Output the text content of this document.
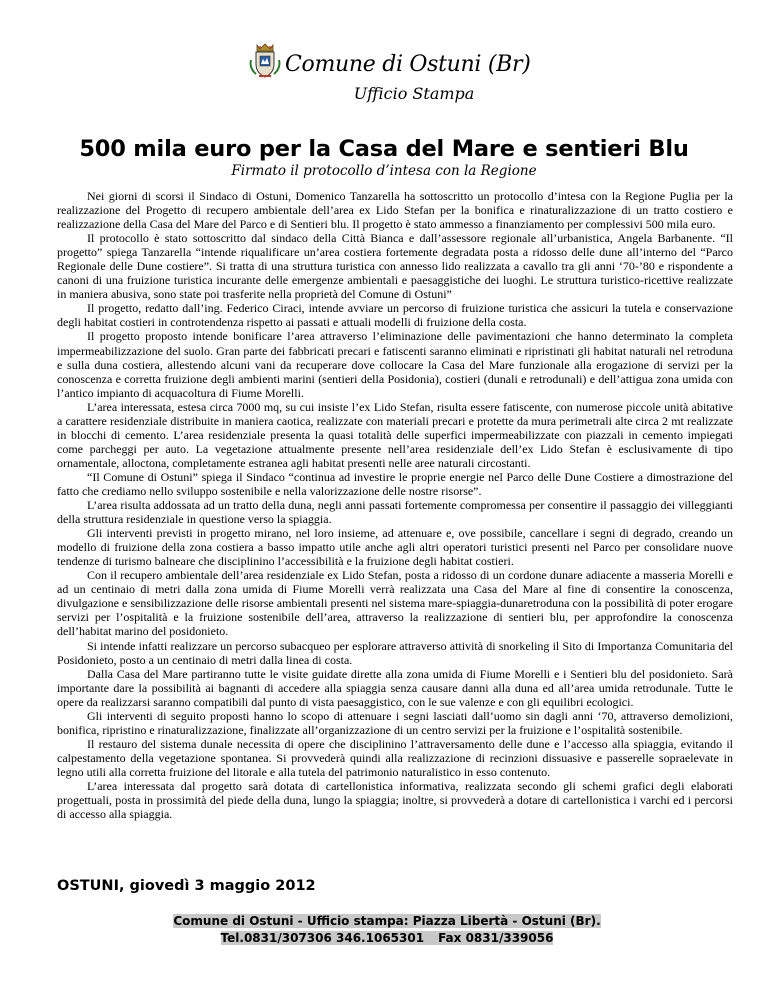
Comune di Ostuni (Br)
Ufficio Stampa
500 mila euro per la Casa del Mare e sentieri Blu
Firmato il protocollo d’intesa con la Regione

Nei giorni di scorsi il Sindaco di Ostuni, Domenico Tanzarella ha sottoscritto un protocollo d’intesa con la Regione Puglia per la realizzazione del Progetto di recupero ambientale dell’area ex Lido Stefan per la bonifica e rinaturalizzazione di un tratto costiero e realizzazione della Casa del Mare del Parco e di Sentieri blu. Il progetto è stato ammesso a finanziamento per complessivi 500 mila euro.

Il protocollo è stato sottoscritto dal sindaco della Città Bianca e dall’assessore regionale all’urbanistica, Angela Barbanente. “Il progetto” spiega Tanzarella “intende riqualificare un’area costiera fortemente degradata posta a ridosso delle dune all’interno del “Parco Regionale delle Dune costiere”. Si tratta di una struttura turistica con annesso lido realizzata a cavallo tra gli anni ‘70-’80 e rispondente a canoni di una fruizione turistica incurante delle emergenze ambientali e paesaggistiche dei luoghi. Le struttura turistico-ricettive realizzate in maniera abusiva, sono state poi trasferite nella proprietà del Comune di Ostuni”

Il progetto, redatto dall’ing. Federico Ciraci, intende avviare un percorso di fruizione turistica che assicuri la tutela e conservazione degli habitat costieri in controtendenza rispetto ai passati e attuali modelli di fruizione della costa.

Il progetto proposto intende bonificare l’area attraverso l’eliminazione delle pavimentazioni che hanno determinato la completa impermeabilizzazione del suolo. Gran parte dei fabbricati precari e fatiscenti saranno eliminati e ripristinati gli habitat naturali nel retroduna e sulla duna costiera, allestendo alcuni vani da recuperare dove collocare la Casa del Mare funzionale alla erogazione di servizi per la conoscenza e corretta fruizione degli ambienti marini (sentieri della Posidonia), costieri (dunali e retrodunali) e dell’attigua zona umida con l’antico impianto di acquacoltura di Fiume Morelli.

L’area interessata, estesa circa 7000 mq, su cui insiste l’ex Lido Stefan, risulta essere fatiscente, con numerose piccole unità abitative a carattere residenziale distribuite in maniera caotica, realizzate con materiali precari e protette da mura perimetrali alte circa 2 mt realizzate in blocchi di cemento. L’area residenziale presenta la quasi totalità delle superfici impermeabilizzate con piazzali in cemento impiegati come parcheggi per auto. La vegetazione attualmente presente nell’area residenziale dell’ex Lido Stefan è esclusivamente di tipo ornamentale, alloctona, completamente estranea agli habitat presenti nelle aree naturali circostanti.

“Il Comune di Ostuni” spiega il Sindaco “continua ad investire le proprie energie nel Parco delle Dune Costiere a dimostrazione del fatto che crediamo nello sviluppo sostenibile e nella valorizzazione delle nostre risorse”.

L’area risulta addossata ad un tratto della duna, negli anni passati fortemente compromessa per consentire il passaggio dei villeggianti della struttura residenziale in questione verso la spiaggia.

Gli interventi previsti in progetto mirano, nel loro insieme, ad attenuare e, ove possibile, cancellare i segni di degrado, creando un modello di fruizione della zona costiera a basso impatto utile anche agli altri operatori turistici presenti nel Parco per consolidare nuove tendenze di turismo balneare che disciplinino l’accessibilità e la fruizione degli habitat costieri.

Con il recupero ambientale dell’area residenziale ex Lido Stefan, posta a ridosso di un cordone dunare adiacente a masseria Morelli e ad un centinaio di metri dalla zona umida di Fiume Morelli verrà realizzata una Casa del Mare al fine di consentire la conoscenza, divulgazione e sensibilizzazione delle risorse ambientali presenti nel sistema mare-spiaggia-dunaretroduna con la possibilità di poter erogare servizi per l’ospitalità e la fruizione sostenibile dell’area, attraverso la realizzazione di sentieri blu, per approfondire la conoscenza dell’habitat marino del posidonieto.

Si intende infatti realizzare un percorso subacqueo per esplorare attraverso attività di snorkeling il Sito di Importanza Comunitaria del Posidonieto, posto a un centinaio di metri dalla linea di costa.

Dalla Casa del Mare partiranno tutte le visite guidate dirette alla zona umida di Fiume Morelli e i Sentieri blu del posidonieto. Sarà importante dare la possibilità ai bagnanti di accedere alla spiaggia senza causare danni alla duna ed all’area umida retrodunale. Tutte le opere da realizzarsi saranno compatibili dal punto di vista paesaggistico, con le sue valenze e con gli equilibri ecologici.

Gli interventi di seguito proposti hanno lo scopo di attenuare i segni lasciati dall’uomo sin dagli anni ‘70, attraverso demolizioni, bonifica, ripristino e rinaturalizzazione, finalizzate all’organizzazione di un centro servizi per la fruizione e l’ospitalità sostenibile.

Il restauro del sistema dunale necessita di opere che disciplinino l’attraversamento delle dune e l’accesso alla spiaggia, evitando il calpestamento della vegetazione spontanea. Si provvederà quindi alla realizzazione di recinzioni dissuasive e passerelle sopraelevate in legno utili alla corretta fruizione del litorale e alla tutela del patrimonio naturalistico in esso contenuto.

L’area interessata dal progetto sarà dotata di cartellonistica informativa, realizzata secondo gli schemi grafici degli elaborati progettuali, posta in prossimità del piede della duna, lungo la spiaggia; inoltre, si provvederà a dotare di cartellonistica i varchi ed i percorsi di accesso alla spiaggia.

OSTUNI, giovedì 3 maggio 2012
Comune di Ostuni - Ufficio stampa: Piazza Libertà - Ostuni (Br).
Tel.0831/307306 346.1065301 Fax 0831/339056
